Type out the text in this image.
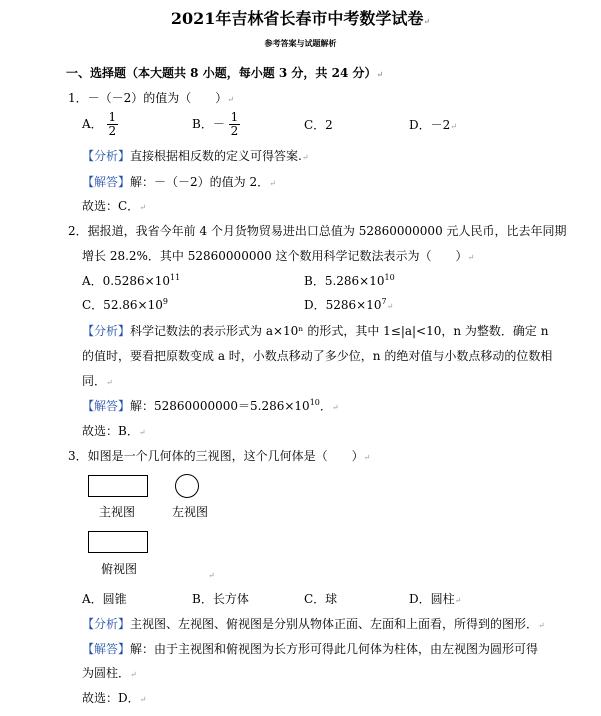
2021年吉林省长春市中考数学试卷↵
参考答案与试题解析
一、选择题（本大题共 8 小题，每小题 3 分，共 24 分）↵
1．－（－2）的值为（　　）↵
A． $\frac{1}{2}$	B．－ $\frac{1}{2}$	C．2	D．－2↵
【分析】直接根据相反数的定义可得答案.↵
【解答】解：－（－2）的值为 2．↵
故选：C．↵
2．据报道，我省今年前 4 个月货物贸易进出口总值为 52860000000 元人民币，比去年同期
增长 28.2%．其中 52860000000 这个数用科学记数法表示为（　　）↵
A．$0.5286\times 10^{11}$	B．$5.286\times 10^{10}$
C．$52.86\times 10^9$	D．$5286\times 10^7↵$
【分析】科学记数法的表示形式为 a×10ⁿ 的形式，其中 1≤|a|<10，n 为整数．确定 n
的值时，要看把原数变成 a 时，小数点移动了多少位，n 的绝对值与小数点移动的位数相
同．↵
【解答】解：$52860000000=5.286\times 10^{10}$．↵
故选：B．↵
3．如图是一个几何体的三视图，这个几何体是（　　）↵
主视图	左视图
俯视图	↵
A．圆锥	B．长方体	C．球	D．圆柱↵
【分析】主视图、左视图、俯视图是分别从物体正面、左面和上面看，所得到的图形．↵
【解答】解：由于主视图和俯视图为长方形可得此几何体为柱体，由左视图为圆形可得
为圆柱．↵
故选：D．↵
